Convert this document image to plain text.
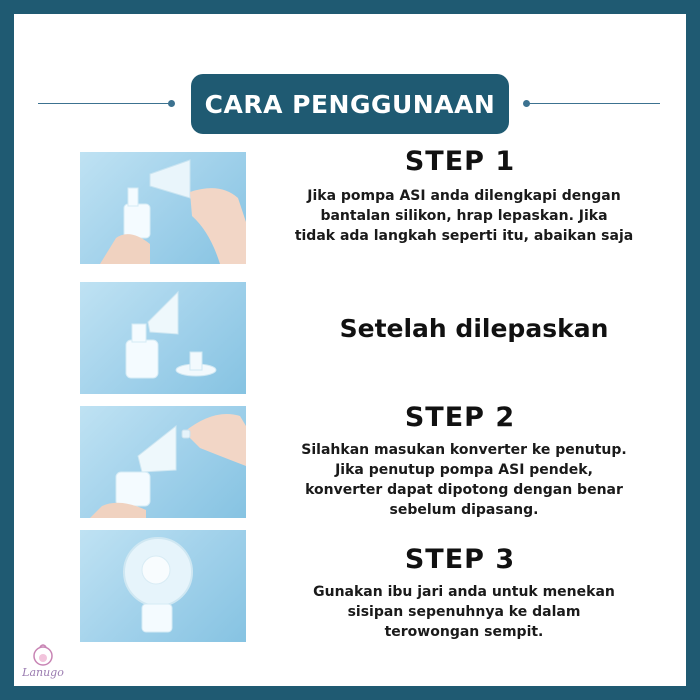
CARA PENGGUNAAN
STEP 1
Jika pompa ASI anda dilengkapi dengan
bantalan silikon, hrap lepaskan. Jika
tidak ada langkah seperti itu, abaikan saja
Setelah dilepaskan
STEP 2
Silahkan masukan konverter ke penutup.
Jika penutup pompa ASI pendek,
konverter dapat dipotong dengan benar
sebelum dipasang.
STEP 3
Gunakan ibu jari anda untuk menekan
sisipan sepenuhnya ke dalam
terowongan sempit.
Lanugo
